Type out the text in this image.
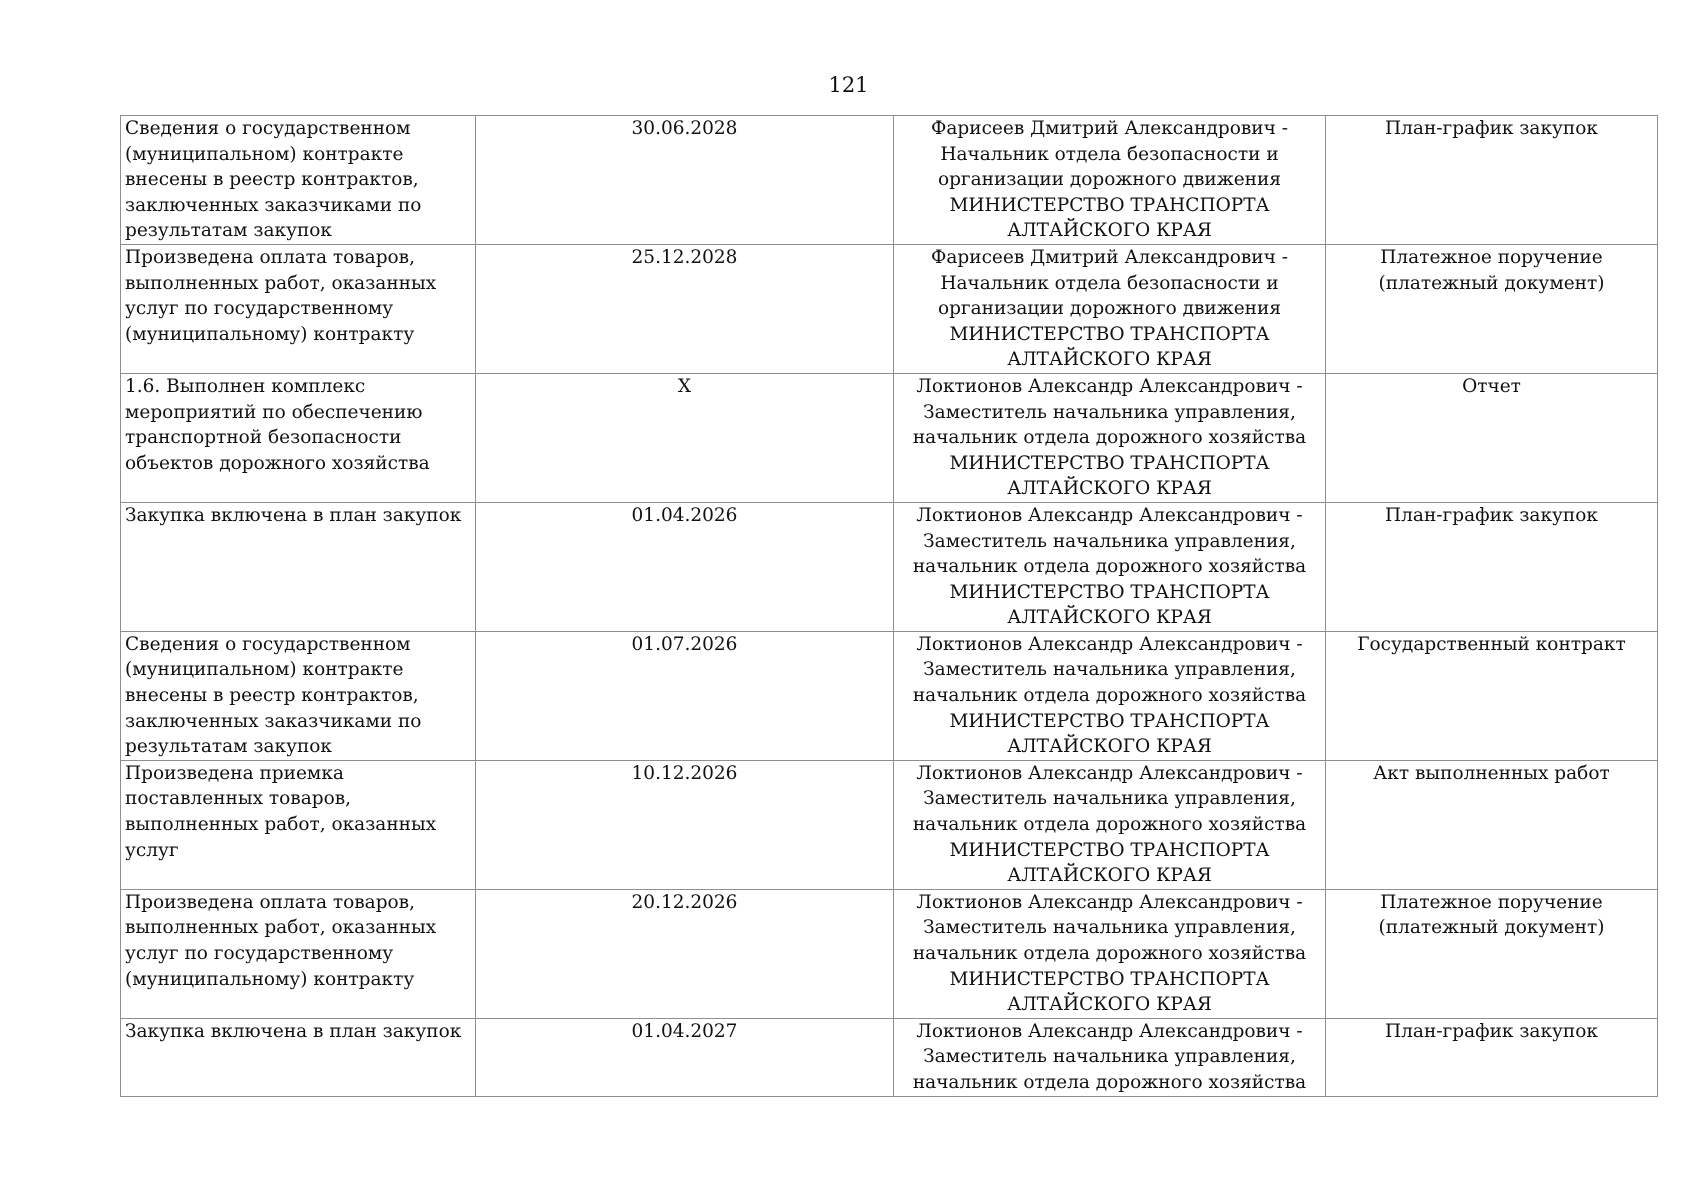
121
Сведения о государственном
(муниципальном) контракте
внесены в реестр контрактов,
заключенных заказчиками по
результатам закупок	30.06.2028	Фарисеев Дмитрий Александрович -
Начальник отдела безопасности и
организации дорожного движения
МИНИСТЕРСТВО ТРАНСПОРТА
АЛТАЙСКОГО КРАЯ	План-график закупок

Произведена оплата товаров,
выполненных работ, оказанных
услуг по государственному
(муниципальному) контракту	25.12.2028	Фарисеев Дмитрий Александрович -
Начальник отдела безопасности и
организации дорожного движения
МИНИСТЕРСТВО ТРАНСПОРТА
АЛТАЙСКОГО КРАЯ	Платежное поручение
(платежный документ)

1.6. Выполнен комплекс
мероприятий по обеспечению
транспортной безопасности
объектов дорожного хозяйства	X	Локтионов Александр Александрович -
Заместитель начальника управления,
начальник отдела дорожного хозяйства
МИНИСТЕРСТВО ТРАНСПОРТА
АЛТАЙСКОГО КРАЯ	Отчет

Закупка включена в план закупок	01.04.2026	Локтионов Александр Александрович -
Заместитель начальника управления,
начальник отдела дорожного хозяйства
МИНИСТЕРСТВО ТРАНСПОРТА
АЛТАЙСКОГО КРАЯ	План-график закупок

Сведения о государственном
(муниципальном) контракте
внесены в реестр контрактов,
заключенных заказчиками по
результатам закупок	01.07.2026	Локтионов Александр Александрович -
Заместитель начальника управления,
начальник отдела дорожного хозяйства
МИНИСТЕРСТВО ТРАНСПОРТА
АЛТАЙСКОГО КРАЯ	Государственный контракт

Произведена приемка
поставленных товаров,
выполненных работ, оказанных
услуг	10.12.2026	Локтионов Александр Александрович -
Заместитель начальника управления,
начальник отдела дорожного хозяйства
МИНИСТЕРСТВО ТРАНСПОРТА
АЛТАЙСКОГО КРАЯ	Акт выполненных работ

Произведена оплата товаров,
выполненных работ, оказанных
услуг по государственному
(муниципальному) контракту	20.12.2026	Локтионов Александр Александрович -
Заместитель начальника управления,
начальник отдела дорожного хозяйства
МИНИСТЕРСТВО ТРАНСПОРТА
АЛТАЙСКОГО КРАЯ	Платежное поручение
(платежный документ)

Закупка включена в план закупок	01.04.2027	Локтионов Александр Александрович -
Заместитель начальника управления,
начальник отдела дорожного хозяйства	План-график закупок
